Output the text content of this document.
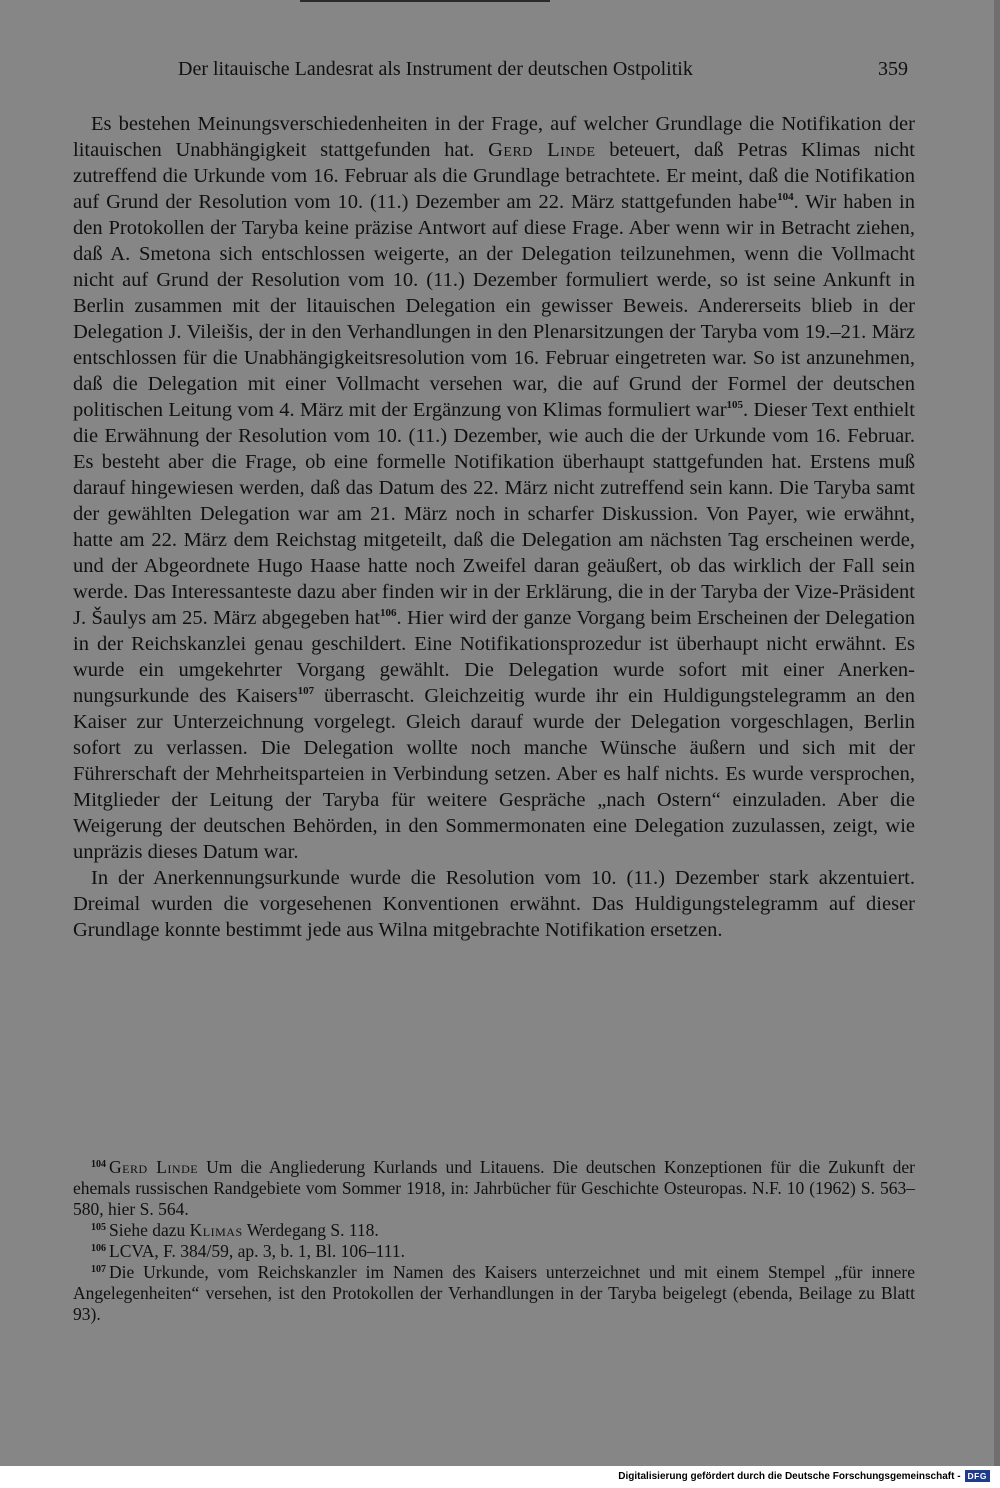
Der litauische Landesrat als Instrument der deutschen Ostpolitik	359

Es bestehen Meinungsverschiedenheiten in der Frage, auf welcher Grundlage die Notifikation der litauischen Unabhängigkeit stattgefunden hat. Gerd Linde beteuert, daß Petras Klimas nicht zutreffend die Urkunde vom 16. Februar als die Grundlage betrachtete. Er meint, daß die Notifikation auf Grund der Resolution vom 10. (11.) Dezember am 22. März stattgefunden habe$^{104}$. Wir haben in den Protokollen der Taryba keine präzise Antwort auf diese Frage. Aber wenn wir in Betracht ziehen, daß A. Smetona sich entschlossen weigerte, an der Delegation teilzunehmen, wenn die Vollmacht nicht auf Grund der Resolution vom 10. (11.) Dezember formuliert werde, so ist seine Ankunft in Berlin zusammen mit der litauischen Delegation ein gewisser Beweis. Andererseits blieb in der Delegation J. Vileišis, der in den Verhandlungen in den Plenarsitzungen der Taryba vom 19.–21. März entschlossen für die Unabhängigkeitsresolution vom 16. Februar eingetreten war. So ist anzunehmen, daß die Delegation mit einer Vollmacht versehen war, die auf Grund der Formel der deutschen politischen Leitung vom 4. März mit der Ergänzung von Klimas formuliert war$^{105}$. Dieser Text enthielt die Erwähnung der Resolution vom 10. (11.) Dezember, wie auch die der Urkunde vom 16. Februar. Es besteht aber die Frage, ob eine formelle Notifikation überhaupt stattgefunden hat. Erstens muß darauf hingewiesen werden, daß das Datum des 22. März nicht zutreffend sein kann. Die Taryba samt der gewählten Delegation war am 21. März noch in scharfer Diskussion. Von Payer, wie erwähnt, hatte am 22. März dem Reichstag mitgeteilt, daß die Delegation am nächsten Tag erscheinen werde, und der Abgeordnete Hugo Haase hatte noch Zweifel daran geäußert, ob das wirklich der Fall sein werde. Das Interessanteste dazu aber finden wir in der Erklärung, die in der Taryba der Vize-Präsident J. Šaulys am 25. März abgegeben hat$^{106}$. Hier wird der ganze Vorgang beim Erscheinen der Delegation in der Reichskanzlei genau geschildert. Eine Notifikationsprozedur ist überhaupt nicht erwähnt. Es wurde ein umgekehrter Vorgang gewählt. Die Delegation wurde sofort mit einer Anerkennungsurkunde des Kaisers$^{107}$ überrascht. Gleichzeitig wurde ihr ein Huldigungstelegramm an den Kaiser zur Unterzeichnung vorgelegt. Gleich darauf wurde der Delegation vorgeschlagen, Berlin sofort zu verlassen. Die Delegation wollte noch manche Wünsche äußern und sich mit der Führerschaft der Mehrheitsparteien in Verbindung setzen. Aber es half nichts. Es wurde versprochen, Mitglieder der Leitung der Taryba für weitere Gespräche „nach Ostern“ einzuladen. Aber die Weigerung der deutschen Behörden, in den Sommermonaten eine Delegation zuzulassen, zeigt, wie unpräzis dieses Datum war.

In der Anerkennungsurkunde wurde die Resolution vom 10. (11.) Dezember stark akzentuiert. Dreimal wurden die vorgesehenen Konventionen erwähnt. Das Huldigungstelegramm auf dieser Grundlage konnte bestimmt jede aus Wilna mitgebrachte Notifikation ersetzen.

$^{104}$ Gerd Linde Um die Angliederung Kurlands und Litauens. Die deutschen Konzeptionen für die Zukunft der ehemals russischen Randgebiete vom Sommer 1918, in: Jahrbücher für Geschichte Osteuropas. N.F. 10 (1962) S. 563–580, hier S. 564.

$^{105}$ Siehe dazu Klimas Werdegang S. 118.

$^{106}$ LCVA, F. 384/59, ap. 3, b. 1, Bl. 106–111.

$^{107}$ Die Urkunde, vom Reichskanzler im Namen des Kaisers unterzeichnet und mit einem Stempel „für innere Angelegenheiten“ versehen, ist den Protokollen der Verhandlungen in der Taryba beigelegt (ebenda, Beilage zu Blatt 93).

Digitalisierung gefördert durch die Deutsche Forschungsgemeinschaft - DFG
